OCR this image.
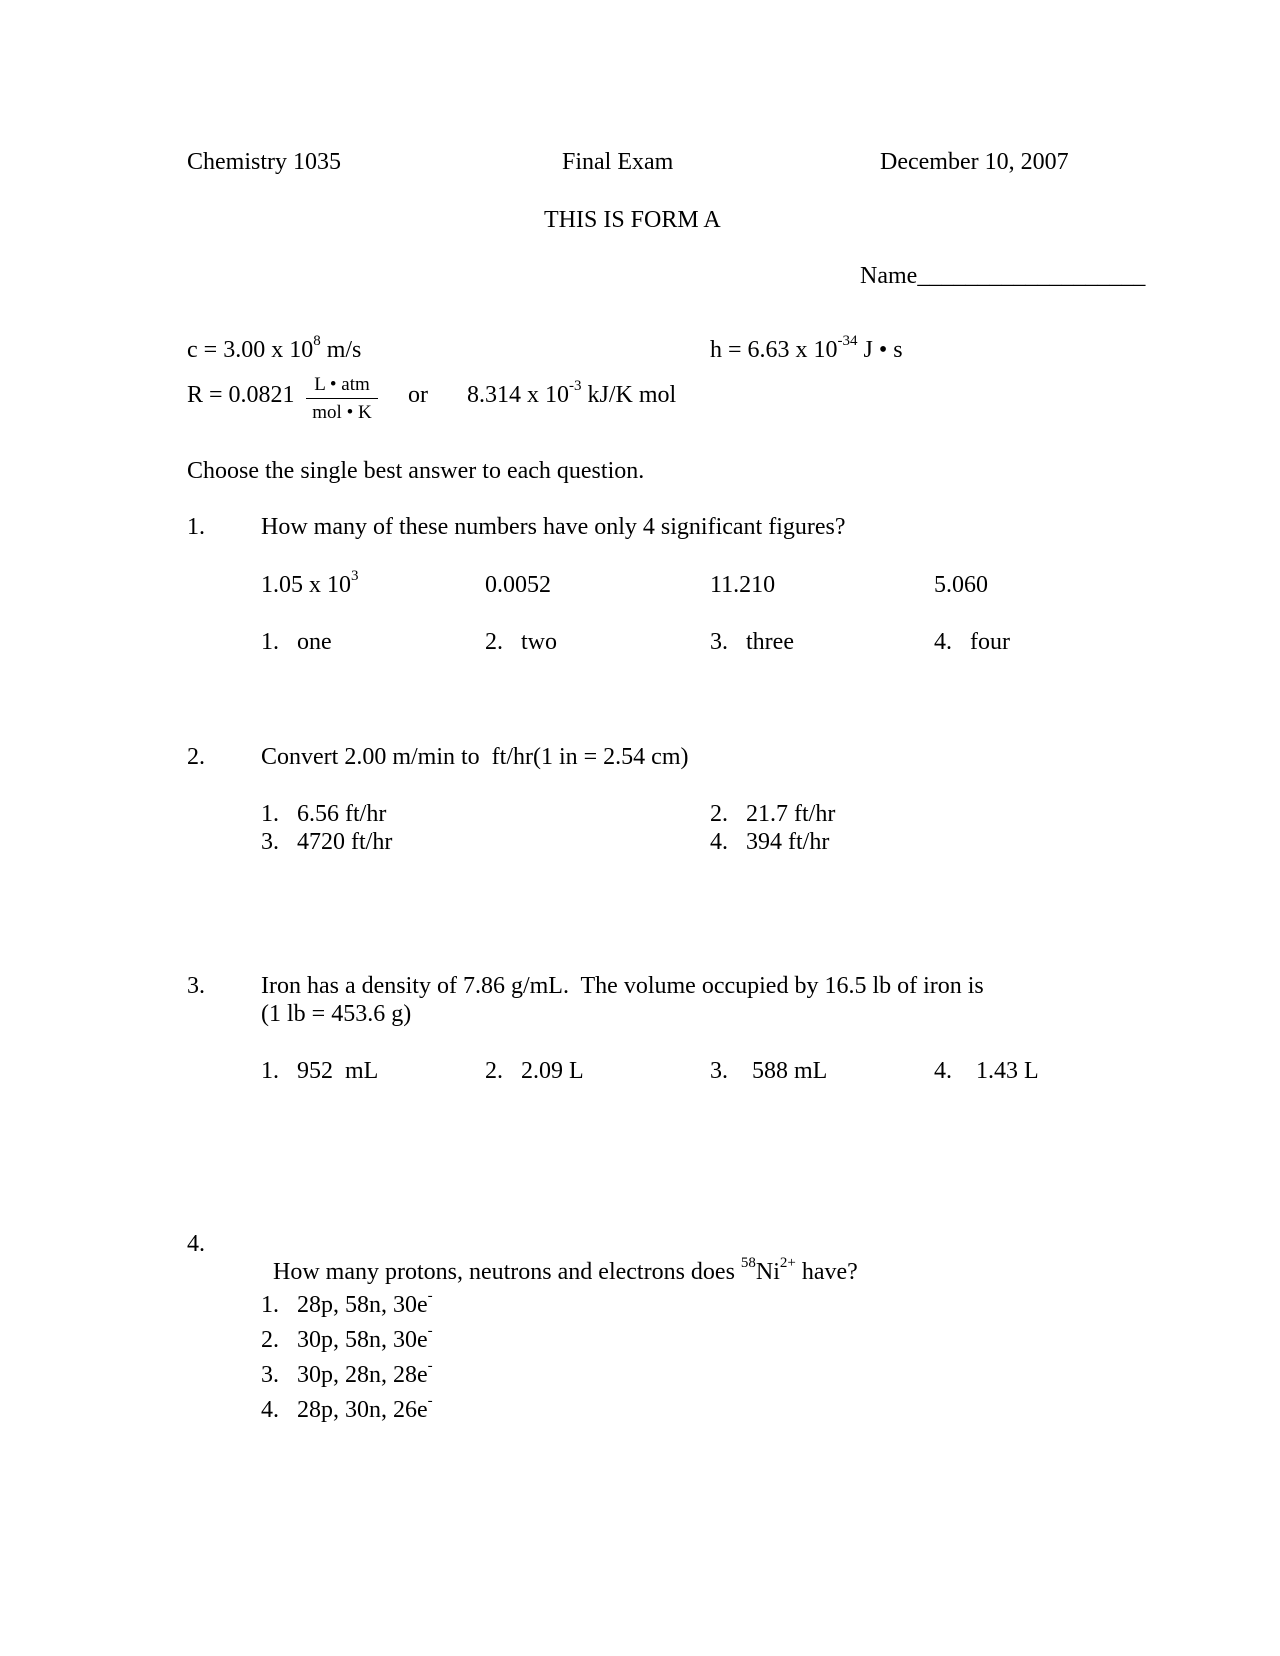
Chemistry 1035	Final Exam	December 10, 2007
THIS IS FORM A
Name___________________
c = 3.00 x $10^8$ m/s	h = 6.63 x $10^{-34}$ J • s
R = 0.0821	L • atm
mol • K
or 8.314 x $10^{-3}$ kJ/K mol
Choose the single best answer to each question.
1. How many of these numbers have only 4 significant figures?
1.05 x $10^3$	0.0052	11.210	5.060
1. one	2. two	3. three	4. four
2. Convert 2.00 m/min to  ft/hr(1 in = 2.54 cm)
1. 6.56 ft/hr	2. 21.7 ft/hr
3. 4720 ft/hr	4. 394 ft/hr
3. Iron has a density of 7.86 g/mL.  The volume occupied by 16.5 lb of iron is
(1 lb = 453.6 g)
1. 952  mL	2. 2.09 L	3. 588 mL	4. 1.43 L
4.

How many protons, neutrons and electrons does $^{58}Ni^{2+}$ have?

1. 28p, 58n, 30e-
2. 30p, 58n, 30e-
3. 30p, 28n, 28e-
4. 28p, 30n, 26e-
